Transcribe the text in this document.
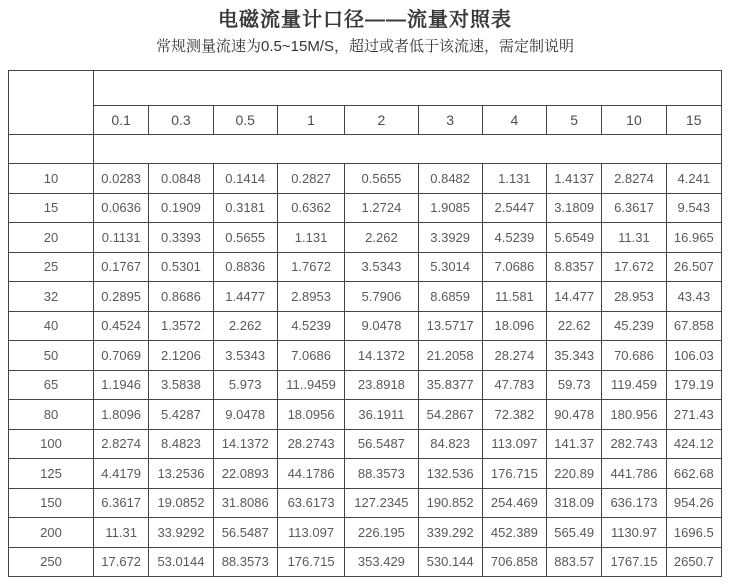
电磁流量计口径——流量对照表
常规测量流速为0.5~15M/S，超过或者低于该流速，需定制说明
公称通径DN
（MM）	流速 （m/s）									
	0.1	0.3	0.5	1	2	3	4	5	10	15
	流量 （m³/h）									
10	0.0283	0.0848	0.1414	0.2827	0.5655	0.8482	1.131	1.4137	2.8274	4.241
15	0.0636	0.1909	0.3181	0.6362	1.2724	1.9085	2.5447	3.1809	6.3617	9.543
20	0.1131	0.3393	0.5655	1.131	2.262	3.3929	4.5239	5.6549	11.31	16.965
25	0.1767	0.5301	0.8836	1.7672	3.5343	5.3014	7.0686	8.8357	17.672	26.507
32	0.2895	0.8686	1.4477	2.8953	5.7906	8.6859	11.581	14.477	28.953	43.43
40	0.4524	1.3572	2.262	4.5239	9.0478	13.5717	18.096	22.62	45.239	67.858
50	0.7069	2.1206	3.5343	7.0686	14.1372	21.2058	28.274	35.343	70.686	106.03
65	1.1946	3.5838	5.973	11..9459	23.8918	35.8377	47.783	59.73	119.459	179.19
80	1.8096	5.4287	9.0478	18.0956	36.1911	54.2867	72.382	90.478	180.956	271.43
100	2.8274	8.4823	14.1372	28.2743	56.5487	84.823	113.097	141.37	282.743	424.12
125	4.4179	13.2536	22.0893	44.1786	88.3573	132.536	176.715	220.89	441.786	662.68
150	6.3617	19.0852	31.8086	63.6173	127.2345	190.852	254.469	318.09	636.173	954.26
200	11.31	33.9292	56.5487	113.097	226.195	339.292	452.389	565.49	1130.97	1696.5
250	17.672	53.0144	88.3573	176.715	353.429	530.144	706.858	883.57	1767.15	2650.7
